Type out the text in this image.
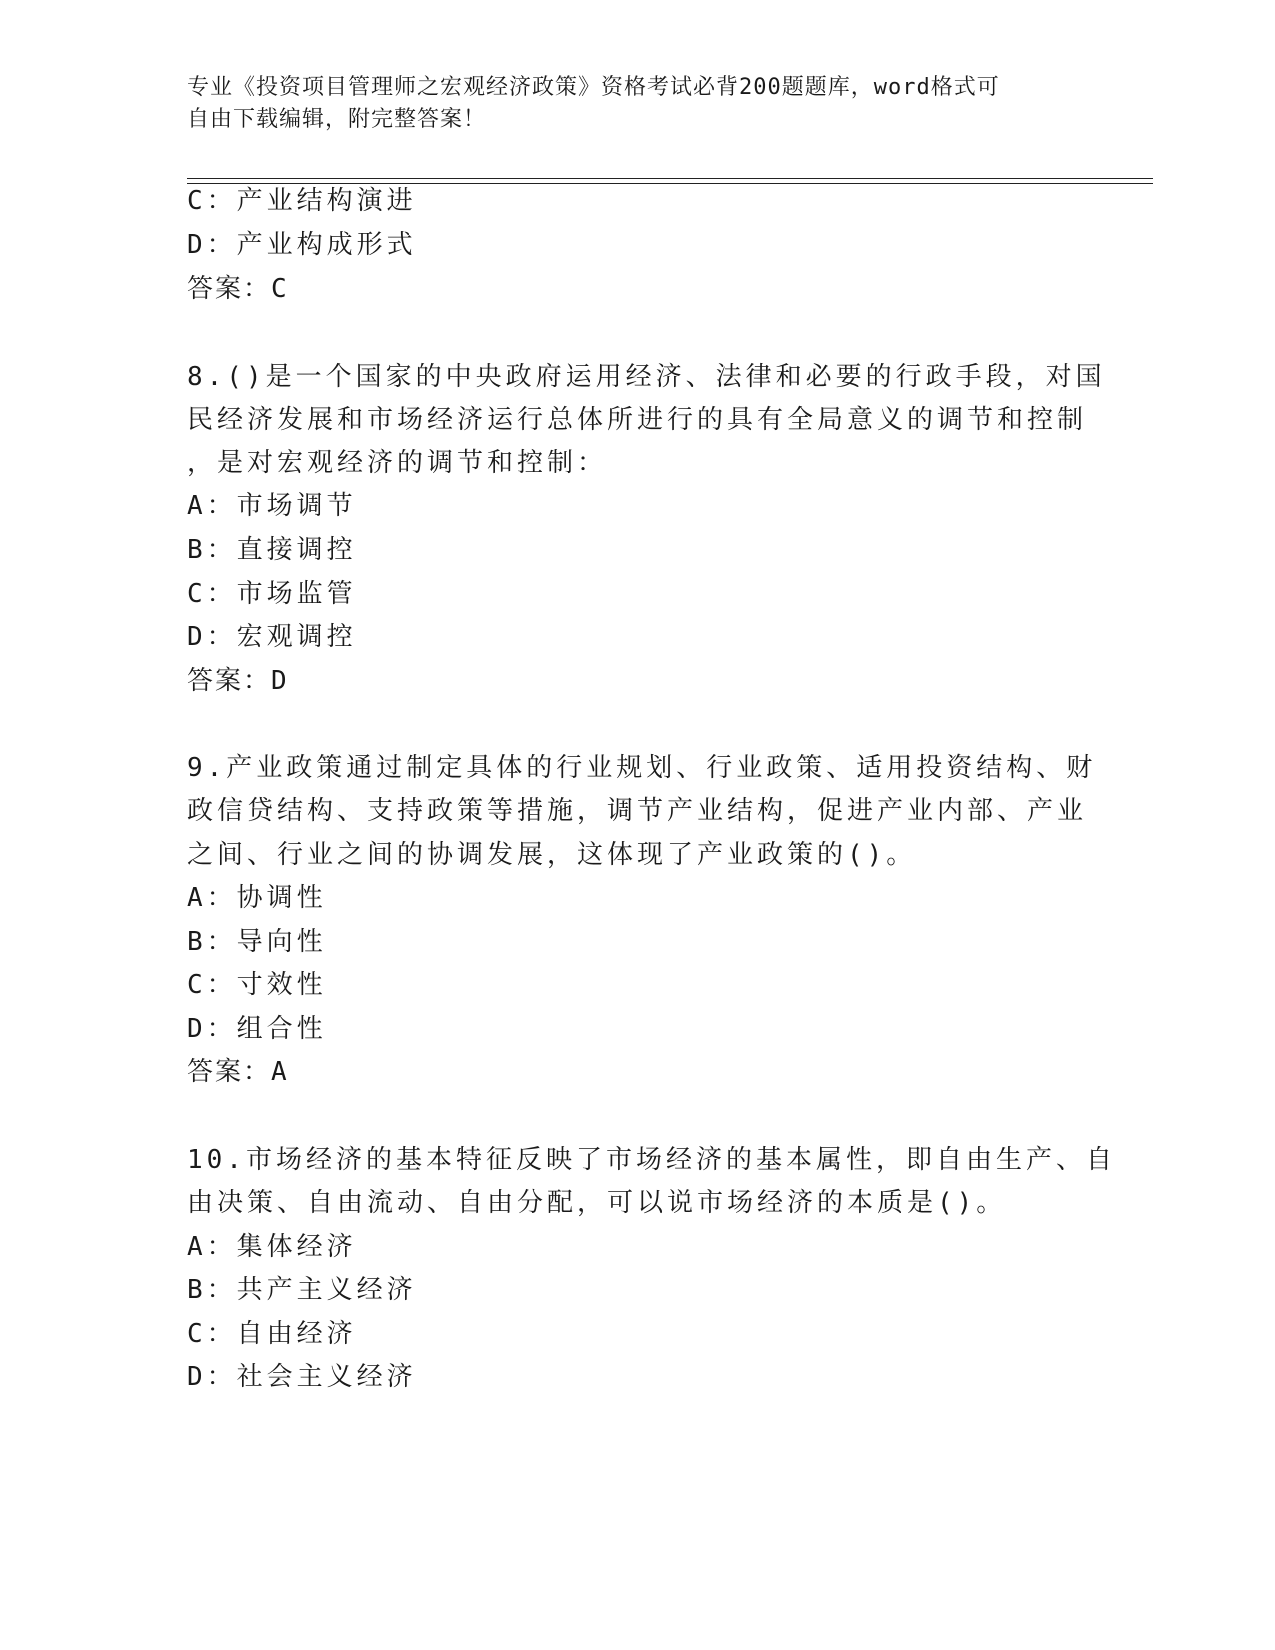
专业《投资项目管理师之宏观经济政策》资格考试必背200题题库，word格式可
自由下载编辑，附完整答案！
C：产业结构演进
D：产业构成形式
答案：C
8.()是一个国家的中央政府运用经济、法律和必要的行政手段，对国
民经济发展和市场经济运行总体所进行的具有全局意义的调节和控制
，是对宏观经济的调节和控制：
A：市场调节
B：直接调控
C：市场监管
D：宏观调控
答案：D
9.产业政策通过制定具体的行业规划、行业政策、适用投资结构、财
政信贷结构、支持政策等措施，调节产业结构，促进产业内部、产业
之间、行业之间的协调发展，这体现了产业政策的()。
A：协调性
B：导向性
C：寸效性
D：组合性
答案：A
10.市场经济的基本特征反映了市场经济的基本属性，即自由生产、自
由决策、自由流动、自由分配，可以说市场经济的本质是()。
A：集体经济
B：共产主义经济
C：自由经济
D：社会主义经济
